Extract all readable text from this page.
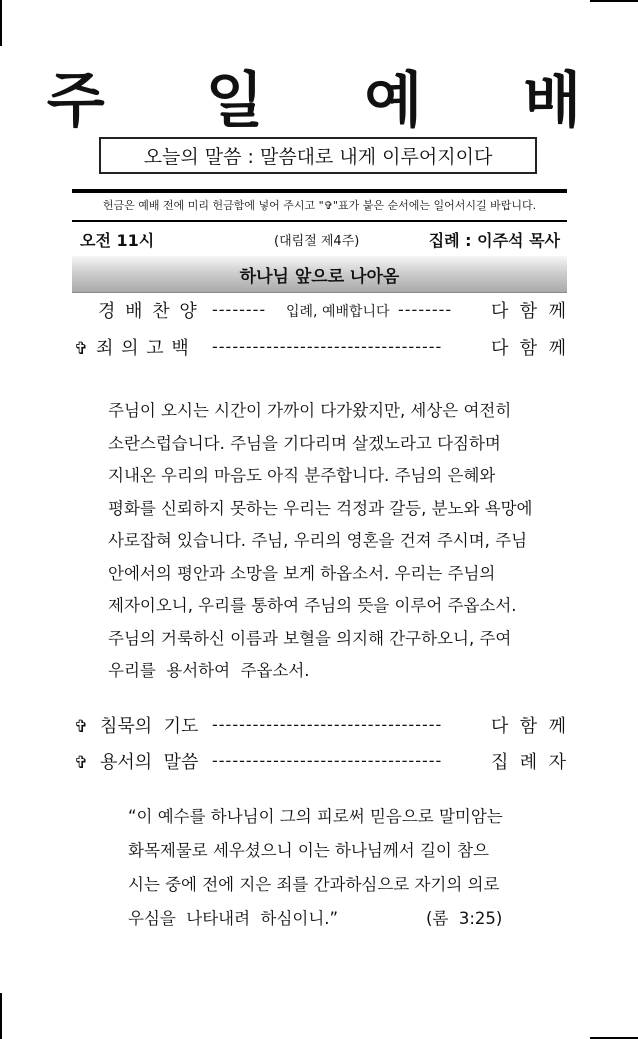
주 일 예 배
오늘의 말씀 : 말씀대로 내게 이루어지이다
헌금은 예배 전에 미리 헌금함에 넣어 주시고 "✞"표가 붙은 순서에는 일어서시길 바랍니다.
오전 11시	(대림절 제4주)	집례 : 이주석 목사
하나님 앞으로 나아옴
경 배 찬 양 -------- 입례, 예배합니다 -------- 다  함  께
✞ 죄 의 고 백 ----------------------------------	다  함  께
주님이 오시는 시간이 가까이 다가왔지만, 세상은 여전히
소란스럽습니다. 주님을 기다리며 살겠노라고 다짐하며
지내온 우리의 마음도 아직 분주합니다. 주님의 은혜와
평화를 신뢰하지 못하는 우리는 걱정과 갈등, 분노와 욕망에
사로잡혀 있습니다. 주님, 우리의 영혼을 건져 주시며, 주님
안에서의 평안과 소망을 보게 하옵소서. 우리는 주님의
제자이오니, 우리를 통하여 주님의 뜻을 이루어 주옵소서.
주님의 거룩하신 이름과 보혈을 의지해 간구하오니, 주여
우리를  용서하여  주옵소서.
✞ 침묵의  기도 ----------------------------------	다  함  께
✞ 용서의  말씀 ----------------------------------	집  례  자
“이 예수를 하나님이 그의 피로써 믿음으로 말미암는
화목제물로 세우셨으니 이는 하나님께서 길이 참으
시는 중에 전에 지은 죄를 간과하심으로 자기의 의로
우심을  나타내려  하심이니.”	(롬  3:25)
